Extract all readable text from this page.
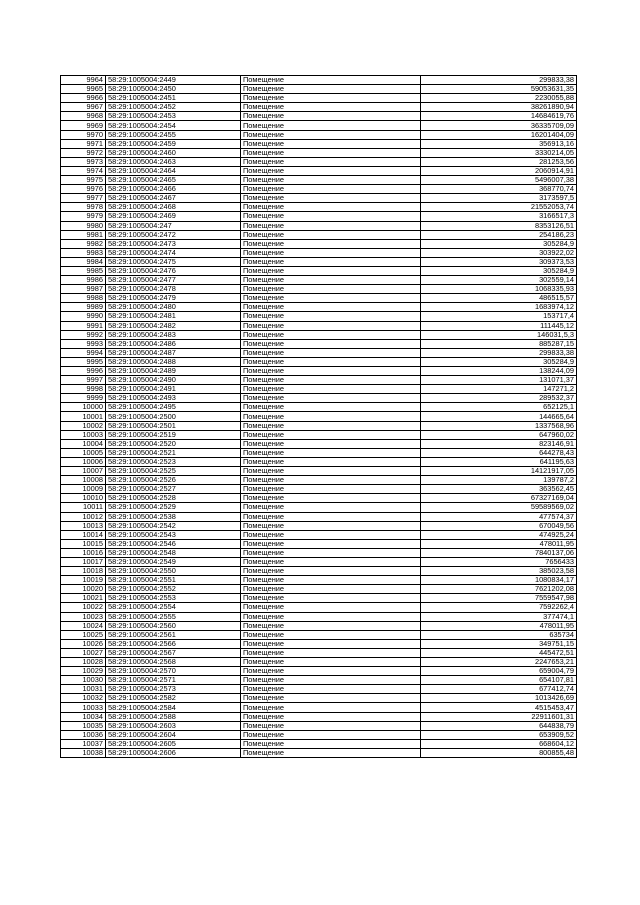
9964	58:29:1005004:2449	Помещение	299833,38
9965	58:29:1005004:2450	Помещение	59053631,35
9966	58:29:1005004:2451	Помещение	2230055,88
9967	58:29:1005004:2452	Помещение	38261890,94
9968	58:29:1005004:2453	Помещение	14684619,76
9969	58:29:1005004:2454	Помещение	36335709,09
9970	58:29:1005004:2455	Помещение	16201404,09
9971	58:29:1005004:2459	Помещение	356913,16
9972	58:29:1005004:2460	Помещение	3330214,05
9973	58:29:1005004:2463	Помещение	281253,56
9974	58:29:1005004:2464	Помещение	2060914,91
9975	58:29:1005004:2465	Помещение	5496007,38
9976	58:29:1005004:2466	Помещение	368770,74
9977	58:29:1005004:2467	Помещение	3173597,5
9978	58:29:1005004:2468	Помещение	21552053,74
9979	58:29:1005004:2469	Помещение	3166517,3
9980	58:29:1005004:247	Помещение	8353126,51
9981	58:29:1005004:2472	Помещение	254186,23
9982	58:29:1005004:2473	Помещение	305284,9
9983	58:29:1005004:2474	Помещение	303922,02
9984	58:29:1005004:2475	Помещение	309373,53
9985	58:29:1005004:2476	Помещение	305284,9
9986	58:29:1005004:2477	Помещение	302559,14
9987	58:29:1005004:2478	Помещение	1068335,93
9988	58:29:1005004:2479	Помещение	486515,57
9989	58:29:1005004:2480	Помещение	1683974,12
9990	58:29:1005004:2481	Помещение	153717,4
9991	58:29:1005004:2482	Помещение	111445,12
9992	58:29:1005004:2483	Помещение	146031,5,3
9993	58:29:1005004:2486	Помещение	885287,15
9994	58:29:1005004:2487	Помещение	299833,38
9995	58:29:1005004:2488	Помещение	305284,9
9996	58:29:1005004:2489	Помещение	138244,09
9997	58:29:1005004:2490	Помещение	131071,37
9998	58:29:1005004:2491	Помещение	147271,2
9999	58:29:1005004:2493	Помещение	289532,37
10000	58:29:1005004:2495	Помещение	652125,1
10001	58:29:1005004:2500	Помещение	144665,64
10002	58:29:1005004:2501	Помещение	1337568,96
10003	58:29:1005004:2519	Помещение	647960,02
10004	58:29:1005004:2520	Помещение	823146,91
10005	58:29:1005004:2521	Помещение	644278,43
10006	58:29:1005004:2523	Помещение	641195,63
10007	58:29:1005004:2525	Помещение	14121917,05
10008	58:29:1005004:2526	Помещение	139787,2
10009	58:29:1005004:2527	Помещение	363562,45
10010	58:29:1005004:2528	Помещение	67327169,04
10011	58:29:1005004:2529	Помещение	59589569,02
10012	58:29:1005004:2538	Помещение	477574,37
10013	58:29:1005004:2542	Помещение	670049,56
10014	58:29:1005004:2543	Помещение	474925,24
10015	58:29:1005004:2546	Помещение	478011,95
10016	58:29:1005004:2548	Помещение	7840137,06
10017	58:29:1005004:2549	Помещение	7656433
10018	58:29:1005004:2550	Помещение	385023,58
10019	58:29:1005004:2551	Помещение	1080834,17
10020	58:29:1005004:2552	Помещение	7621202,08
10021	58:29:1005004:2553	Помещение	7559547,98
10022	58:29:1005004:2554	Помещение	7592262,4
10023	58:29:1005004:2555	Помещение	377474,1
10024	58:29:1005004:2560	Помещение	478011,95
10025	58:29:1005004:2561	Помещение	635734
10026	58:29:1005004:2566	Помещение	349751,15
10027	58:29:1005004:2567	Помещение	445472,51
10028	58:29:1005004:2568	Помещение	2247653,21
10029	58:29:1005004:2570	Помещение	659004,79
10030	58:29:1005004:2571	Помещение	654107,81
10031	58:29:1005004:2573	Помещение	677412,74
10032	58:29:1005004:2582	Помещение	1013426,69
10033	58:29:1005004:2584	Помещение	4515453,47
10034	58:29:1005004:2588	Помещение	22911601,31
10035	58:29:1005004:2603	Помещение	644838,79
10036	58:29:1005004:2604	Помещение	653909,52
10037	58:29:1005004:2605	Помещение	668604,12
10038	58:29:1005004:2606	Помещение	800855,48
